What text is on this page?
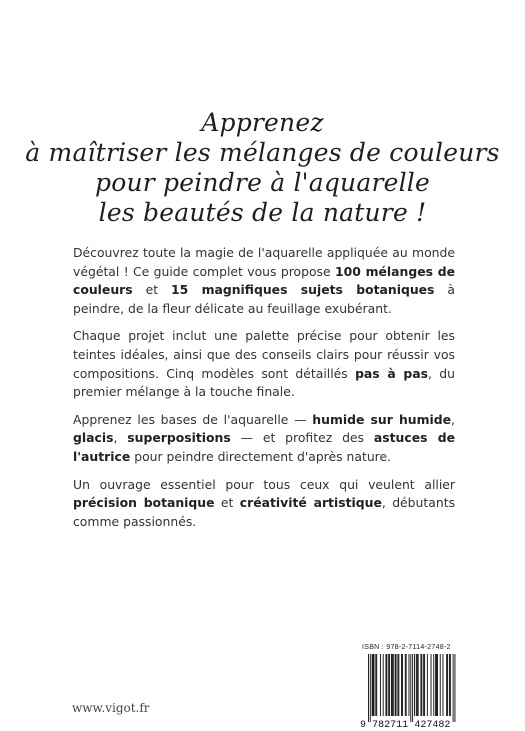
Apprenez
à maîtriser les mélanges de couleurs
pour peindre à l'aquarelle
les beautés de la nature !

Découvrez toute la magie de l'aquarelle appliquée au monde végétal ! Ce guide complet vous propose 100 mélanges de couleurs et 15 magnifiques sujets botaniques à peindre, de la fleur délicate au feuillage exubérant.

Chaque projet inclut une palette précise pour obtenir les teintes idéales, ainsi que des conseils clairs pour réussir vos compositions. Cinq modèles sont détaillés pas à pas, du premier mélange à la touche finale.

Apprenez les bases de l'aquarelle — humide sur humide, glacis, superpositions — et profitez des astuces de l'autrice pour peindre directement d'après nature.

Un ouvrage essentiel pour tous ceux qui veulent allier précision botanique et créativité artistique, débutants comme passionnés.

www.vigot.fr
ISBN : 978-2-7114-2748-2
9 782711 427482
